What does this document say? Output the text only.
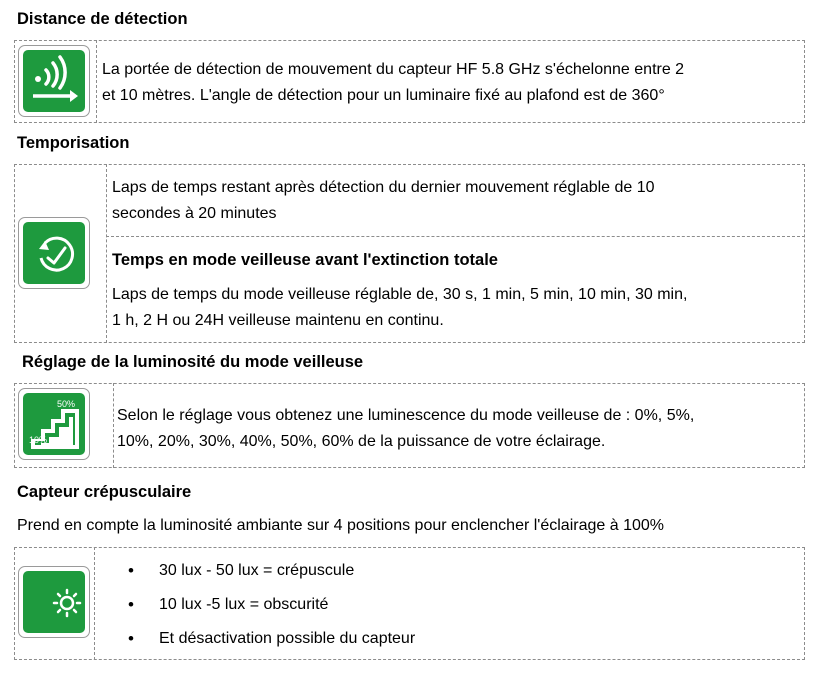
Distance de détection
La portée de détection de mouvement du capteur HF 5.8 GHz s'échelonne entre 2
et 10 mètres. L'angle de détection pour un luminaire fixé au plafond est de 360°
Temporisation
Laps de temps restant après détection du dernier mouvement réglable de 10
secondes à 20 minutes
Temps en mode veilleuse avant l'extinction totale
Laps de temps du mode veilleuse réglable de, 30 s, 1 min, 5 min, 10 min, 30 min,
1 h, 2 H ou 24H veilleuse maintenu en continu.
Réglage de la luminosité du mode veilleuse
50%
10%
Selon le réglage vous obtenez une luminescence du mode veilleuse de : 0%, 5%,
10%, 20%, 30%, 40%, 50%, 60% de la puissance de votre éclairage.
Capteur crépusculaire
Prend en compte la luminosité ambiante sur 4 positions pour enclencher l'éclairage à 100%
• 30 lux - 50 lux = crépuscule
• 10 lux -5 lux = obscurité
• Et désactivation possible du capteur
